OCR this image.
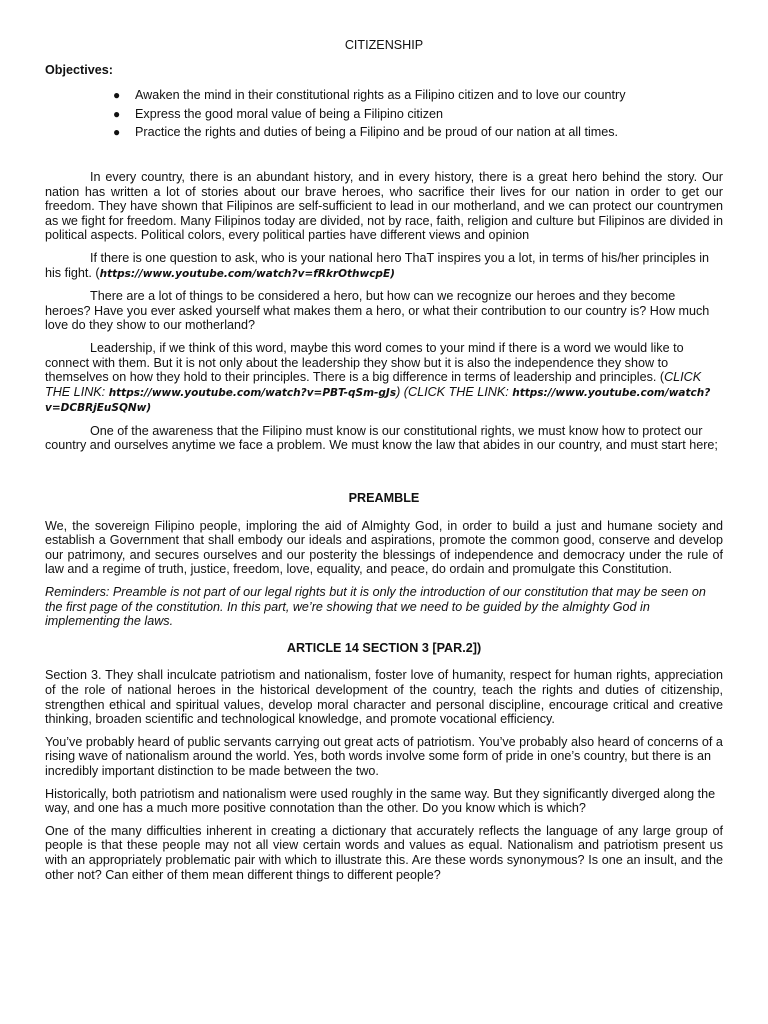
CITIZENSHIP
Objectives:
● Awaken the mind in their constitutional rights as a Filipino citizen and to love our country
● Express the good moral value of being a Filipino citizen
● Practice the rights and duties of being a Filipino and be proud of our nation at all times.

In every country, there is an abundant history, and in every history, there is a great hero behind the story. Our nation has written a lot of stories about our brave heroes, who sacrifice their lives for our nation in order to get our freedom. They have shown that Filipinos are self-sufficient to lead in our motherland, and we can protect our countrymen as we fight for freedom. Many Filipinos today are divided, not by race, faith, religion and culture but Filipinos are divided in political aspects. Political colors, every political parties have different views and opinion

If there is one question to ask, who is your national hero ThaT inspires you a lot, in terms of his/her principles in his fight. (https://www.youtube.com/watch?v=fRkrOthwcpE)

There are a lot of things to be considered a hero, but how can we recognize our heroes and they become heroes? Have you ever asked yourself what makes them a hero, or what their contribution to our country is? How much love do they show to our motherland?

Leadership, if we think of this word, maybe this word comes to your mind if there is a word we would like to connect with them. But it is not only about the leadership they show but it is also the independence they show to themselves on how they hold to their principles. There is a big difference in terms of leadership and principles. (CLICK THE LINK: https://www.youtube.com/watch?v=PBT-qSm-gJs) (CLICK THE LINK: https://www.youtube.com/watch?v=DCBRjEuSQNw)

One of the awareness that the Filipino must know is our constitutional rights, we must know how to protect our country and ourselves anytime we face a problem. We must know the law that abides in our country, and must start here;

PREAMBLE

We, the sovereign Filipino people, imploring the aid of Almighty God, in order to build a just and humane society and establish a Government that shall embody our ideals and aspirations, promote the common good, conserve and develop our patrimony, and secures ourselves and our posterity the blessings of independence and democracy under the rule of law and a regime of truth, justice, freedom, love, equality, and peace, do ordain and promulgate this Constitution.

Reminders: Preamble is not part of our legal rights but it is only the introduction of our constitution that may be seen on the first page of the constitution. In this part, we’re showing that we need to be guided by the almighty God in implementing the laws.

ARTICLE 14 SECTION 3 [PAR.2])

Section 3. They shall inculcate patriotism and nationalism, foster love of humanity, respect for human rights, appreciation of the role of national heroes in the historical development of the country, teach the rights and duties of citizenship, strengthen ethical and spiritual values, develop moral character and personal discipline, encourage critical and creative thinking, broaden scientific and technological knowledge, and promote vocational efficiency.

You’ve probably heard of public servants carrying out great acts of patriotism. You’ve probably also heard of concerns of a rising wave of nationalism around the world. Yes, both words involve some form of pride in one’s country, but there is an incredibly important distinction to be made between the two.

Historically, both patriotism and nationalism were used roughly in the same way. But they significantly diverged along the way, and one has a much more positive connotation than the other. Do you know which is which?

One of the many difficulties inherent in creating a dictionary that accurately reflects the language of any large group of people is that these people may not all view certain words and values as equal. Nationalism and patriotism present us with an appropriately problematic pair with which to illustrate this. Are these words synonymous? Is one an insult, and the other not? Can either of them mean different things to different people?
